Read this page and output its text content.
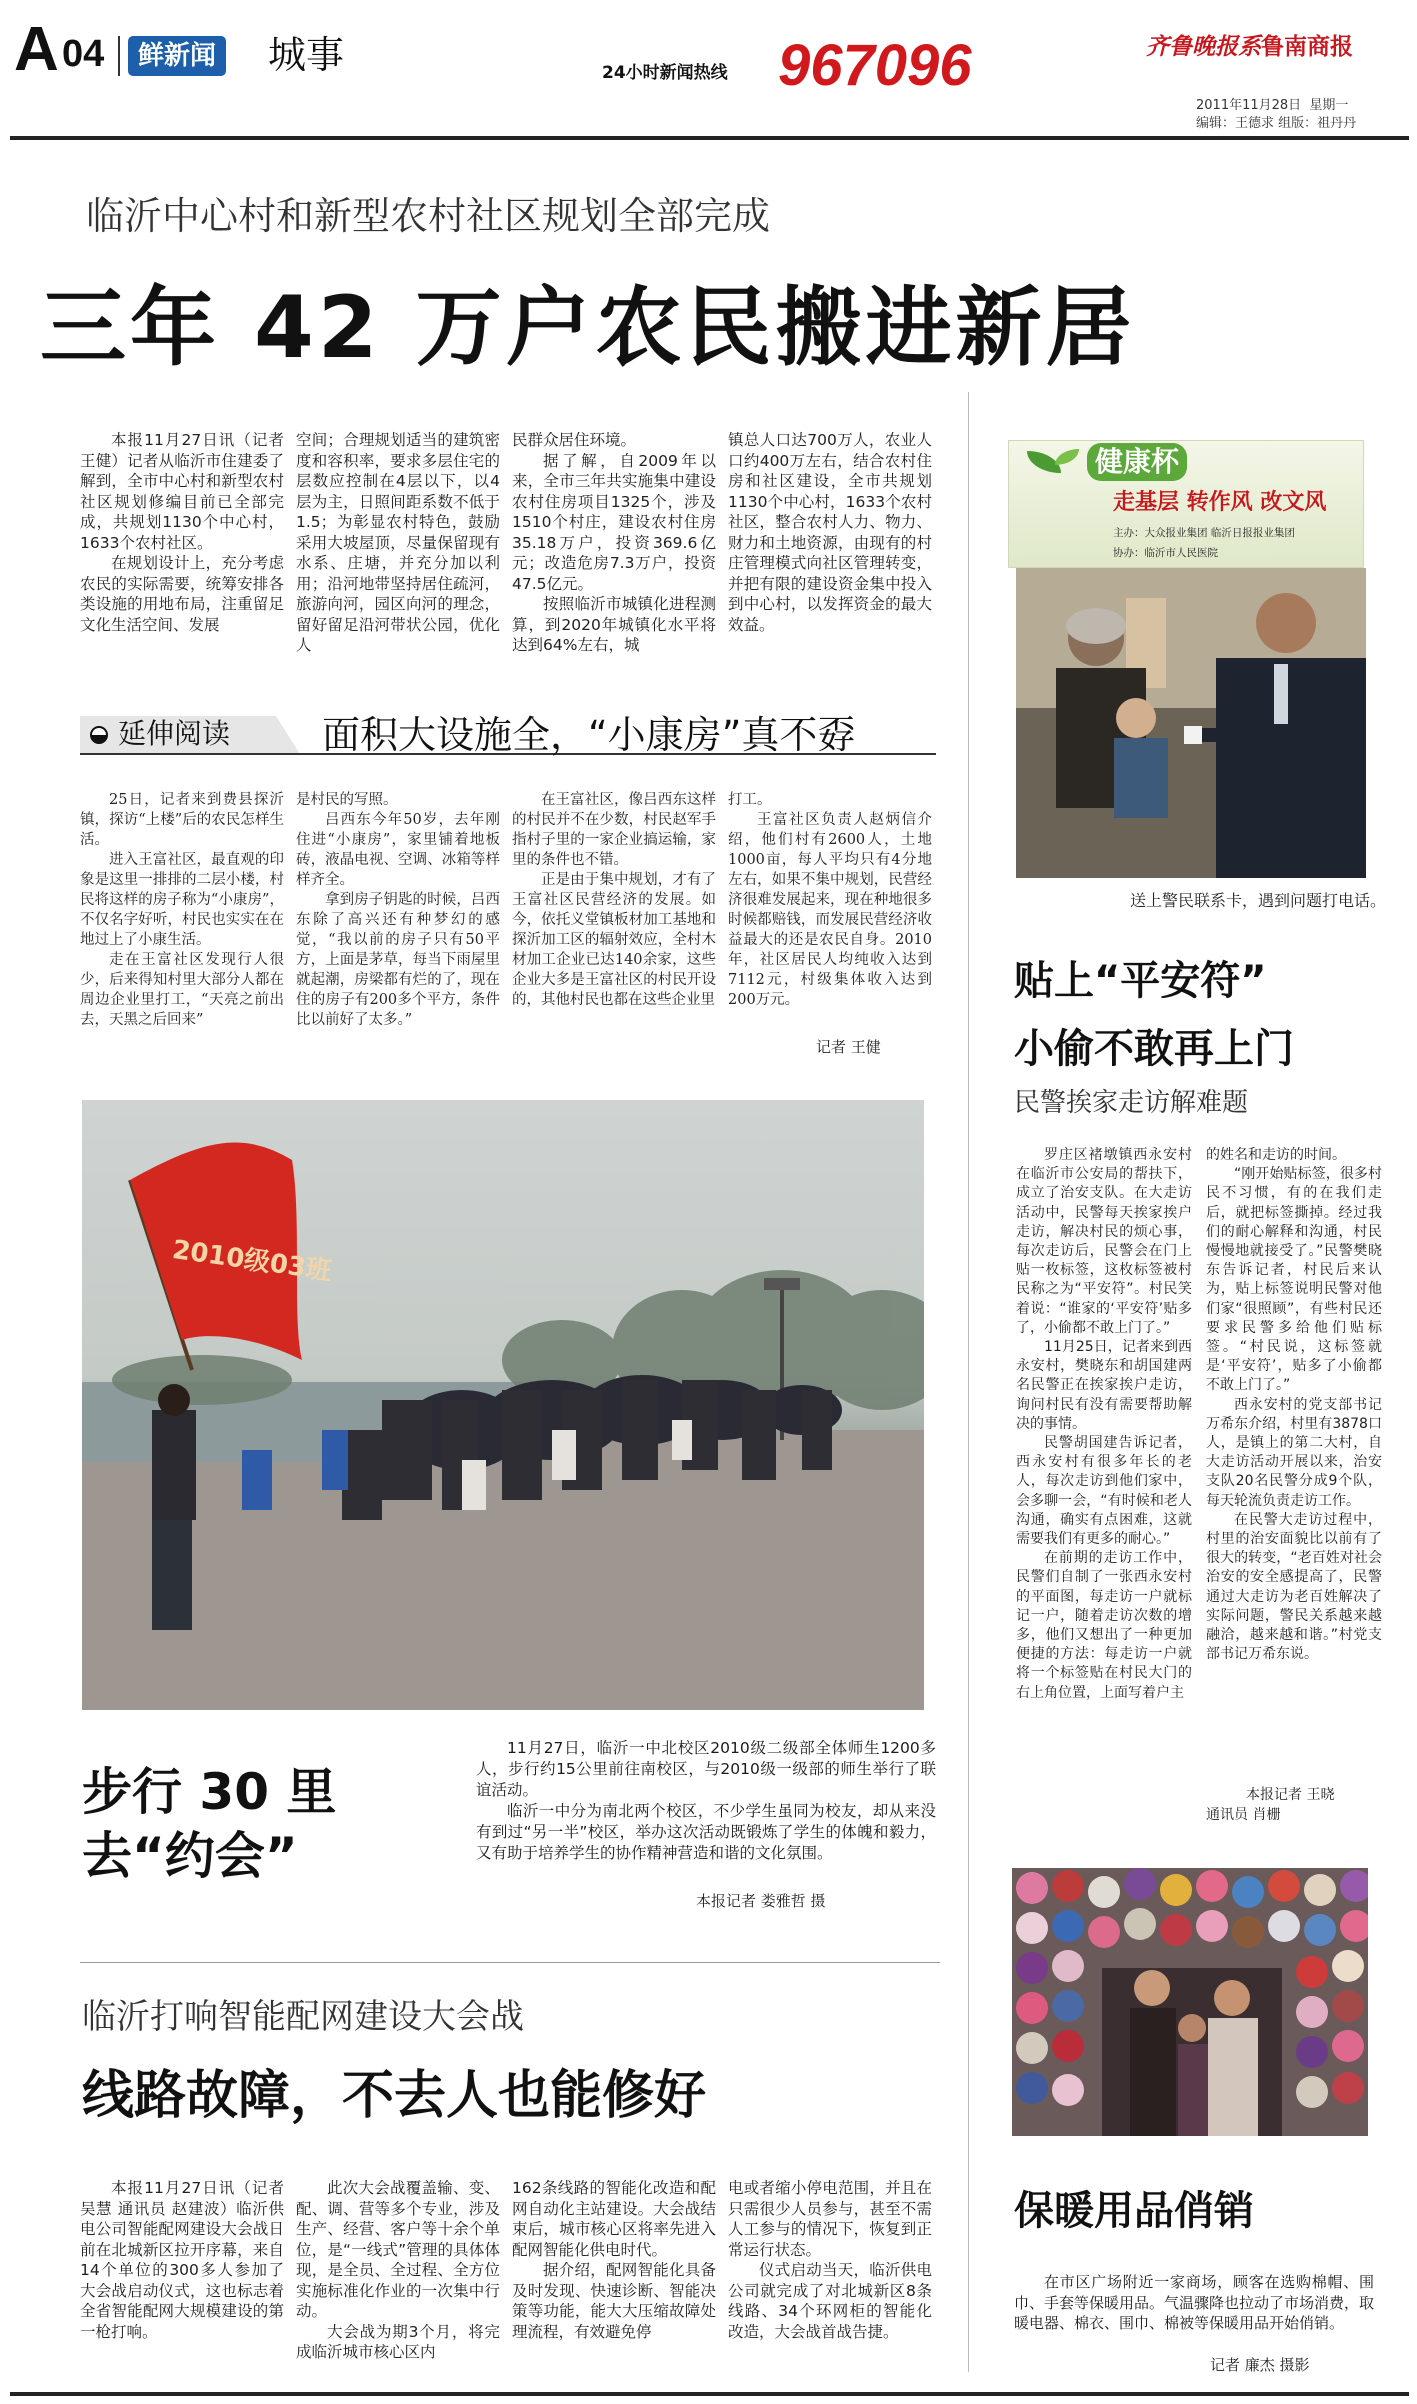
A 04	鲜新闻 城事	24小时新闻热线 967096	齐鲁晚报系鲁南商报
2011年11月28日  星期一
编辑：王德求 组版：祖丹丹
临沂中心村和新型农村社区规划全部完成
三年 42 万户农民搬进新居

本报11月27日讯（记者 王健）记者从临沂市住建委了解到，全市中心村和新型农村社区规划修编目前已全部完成，共规划1130个中心村，1633个农村社区。

在规划设计上，充分考虑农民的实际需要，统筹安排各类设施的用地布局，注重留足文化生活空间、发展

空间；合理规划适当的建筑密度和容积率，要求多层住宅的层数应控制在4层以下，以4层为主，日照间距系数不低于1.5；为彰显农村特色，鼓励采用大坡屋顶，尽量保留现有水系、庄塘，并充分加以利用；沿河地带坚持居住疏河，旅游向河，园区向河的理念，留好留足沿河带状公园，优化人

民群众居住环境。

据了解，自2009年以来，全市三年共实施集中建设农村住房项目1325个，涉及1510个村庄，建设农村住房35.18万户，投资369.6亿元；改造危房7.3万户，投资47.5亿元。

按照临沂市城镇化进程测算，到2020年城镇化水平将达到64%左右，城

镇总人口达700万人，农业人口约400万左右，结合农村住房和社区建设，全市共规划1130个中心村，1633个农村社区，整合农村人力、物力、财力和土地资源，由现有的村庄管理模式向社区管理转变，并把有限的建设资金集中投入到中心村，以发挥资金的最大效益。

延伸阅读 面积大设施全，“小康房”真不孬

25日，记者来到费县探沂镇，探访“上楼”后的农民怎样生活。

进入王富社区，最直观的印象是这里一排排的二层小楼，村民将这样的房子称为“小康房”，不仅名字好听，村民也实实在在地过上了小康生活。

走在王富社区发现行人很少，后来得知村里大部分人都在周边企业里打工，“天亮之前出去，天黑之后回来”

是村民的写照。

吕西东今年50岁，去年刚住进“小康房”，家里铺着地板砖，液晶电视、空调、冰箱等样样齐全。

拿到房子钥匙的时候，吕西东除了高兴还有种梦幻的感觉，“我以前的房子只有50平方，上面是茅草，每当下雨屋里就起潮，房梁都有烂的了，现在住的房子有200多个平方，条件比以前好了太多。”

在王富社区，像吕西东这样的村民并不在少数，村民赵军手指村子里的一家企业搞运输，家里的条件也不错。

正是由于集中规划，才有了王富社区民营经济的发展。如今，依托义堂镇板材加工基地和探沂加工区的辐射效应，全村木材加工企业已达140余家，这些企业大多是王富社区的村民开设的，其他村民也都在这些企业里

打工。

王富社区负责人赵炳信介绍，他们村有2600人，土地1000亩，每人平均只有4分地左右，如果不集中规划，民营经济很难发展起来，现在种地很多时候都赔钱，而发展民营经济收益最大的还是农民自身。2010年，社区居民人均纯收入达到7112元，村级集体收入达到200万元。

记者 王健
2010级03班
步行 30 里
去“约会”

11月27日，临沂一中北校区2010级二级部全体师生1200多人，步行约15公里前往南校区，与2010级一级部的师生举行了联谊活动。

临沂一中分为南北两个校区，不少学生虽同为校友，却从来没有到过“另一半”校区，举办这次活动既锻炼了学生的体魄和毅力，又有助于培养学生的协作精神营造和谐的文化氛围。

本报记者 娄雅哲 摄
临沂打响智能配网建设大会战
线路故障，不去人也能修好

本报11月27日讯（记者 吴慧 通讯员 赵建波）临沂供电公司智能配网建设大会战日前在北城新区拉开序幕，来自14个单位的300多人参加了大会战启动仪式，这也标志着全省智能配网大规模建设的第一枪打响。

此次大会战覆盖输、变、配、调、营等多个专业，涉及生产、经营、客户等十余个单位，是“一线式”管理的具体体现，是全员、全过程、全方位实施标准化作业的一次集中行动。

大会战为期3个月，将完成临沂城市核心区内

162条线路的智能化改造和配网自动化主站建设。大会战结束后，城市核心区将率先进入配网智能化供电时代。

据介绍，配网智能化具备及时发现、快速诊断、智能决策等功能，能大大压缩故障处理流程，有效避免停

电或者缩小停电范围，并且在只需很少人员参与，甚至不需人工参与的情况下，恢复到正常运行状态。

仪式启动当天，临沂供电公司就完成了对北城新区8条线路、34个环网柜的智能化改造，大会战首战告捷。

健康杯
走基层 转作风 改文风
主办：大众报业集团 临沂日报报业集团
协办：临沂市人民医院
送上警民联系卡，遇到问题打电话。
贴上“平安符”
小偷不敢再上门
民警挨家走访解难题

罗庄区褚墩镇西永安村在临沂市公安局的帮扶下，成立了治安支队。在大走访活动中，民警每天挨家挨户走访，解决村民的烦心事，每次走访后，民警会在门上贴一枚标签，这枚标签被村民称之为“平安符”。村民笑着说：“谁家的‘平安符’贴多了，小偷都不敢上门了。”

11月25日，记者来到西永安村，樊晓东和胡国建两名民警正在挨家挨户走访，询问村民有没有需要帮助解决的事情。

民警胡国建告诉记者，西永安村有很多年长的老人，每次走访到他们家中，会多聊一会，“有时候和老人沟通，确实有点困难，这就需要我们有更多的耐心。”

在前期的走访工作中，民警们自制了一张西永安村的平面图，每走访一户就标记一户，随着走访次数的增多，他们又想出了一种更加便捷的方法：每走访一户就将一个标签贴在村民大门的右上角位置，上面写着户主

的姓名和走访的时间。

“刚开始贴标签，很多村民不习惯，有的在我们走后，就把标签撕掉。经过我们的耐心解释和沟通，村民慢慢地就接受了。”民警樊晓东告诉记者，村民后来认为，贴上标签说明民警对他们家“很照顾”，有些村民还要求民警多给他们贴标签。“村民说，这标签就是‘平安符’，贴多了小偷都不敢上门了。”

西永安村的党支部书记万希东介绍，村里有3878口人，是镇上的第二大村，自大走访活动开展以来，治安支队20名民警分成9个队，每天轮流负责走访工作。

在民警大走访过程中，村里的治安面貌比以前有了很大的转变，“老百姓对社会治安的安全感提高了，民警通过大走访为老百姓解决了实际问题，警民关系越来越融洽，越来越和谐。”村党支部书记万希东说。

本报记者 王晓
通讯员 肖栅
保暖用品俏销
在市区广场附近一家商场，顾客在选购棉帽、围巾、手套等保暖用品。气温骤降也拉动了市场消费，取暖电器、棉衣、围巾、棉被等保暖用品开始俏销。
记者 廉杰 摄影
